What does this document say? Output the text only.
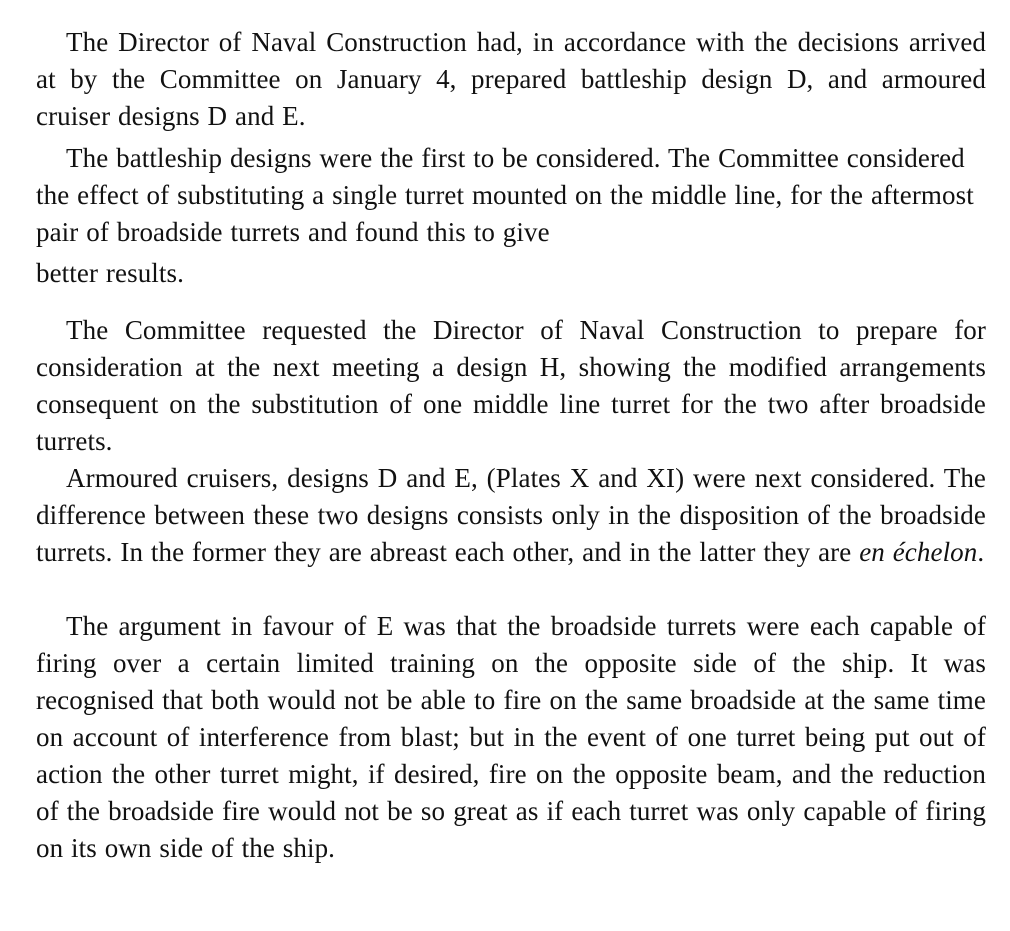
The Director of Naval Construction had, in accordance with the decisions arrived at by the Committee on January 4, prepared battleship design D, and armoured cruiser designs D and E.

The battleship designs were the first to be considered. The Committee considered the effect of substituting a single turret mounted on the middle line, for the aftermost pair of broadside turrets and found this to give
better results.

The Committee requested the Director of Naval Construction to prepare for consideration at the next meeting a design H, showing the modified arrangements consequent on the substitution of one middle line turret for the two after broadside turrets.

Armoured cruisers, designs D and E, (Plates X and XI) were next considered. The difference between these two designs consists only in the disposition of the broadside turrets. In the former they are abreast each other, and in the latter they are en échelon.

The argument in favour of E was that the broadside turrets were each capable of firing over a certain limited training on the opposite side of the ship. It was recognised that both would not be able to fire on the same broadside at the same time on account of interference from blast; but in the event of one turret being put out of action the other turret might, if desired, fire on the opposite beam, and the reduction of the broadside fire would not be so great as if each turret was only capable of firing on its own side of the ship.
